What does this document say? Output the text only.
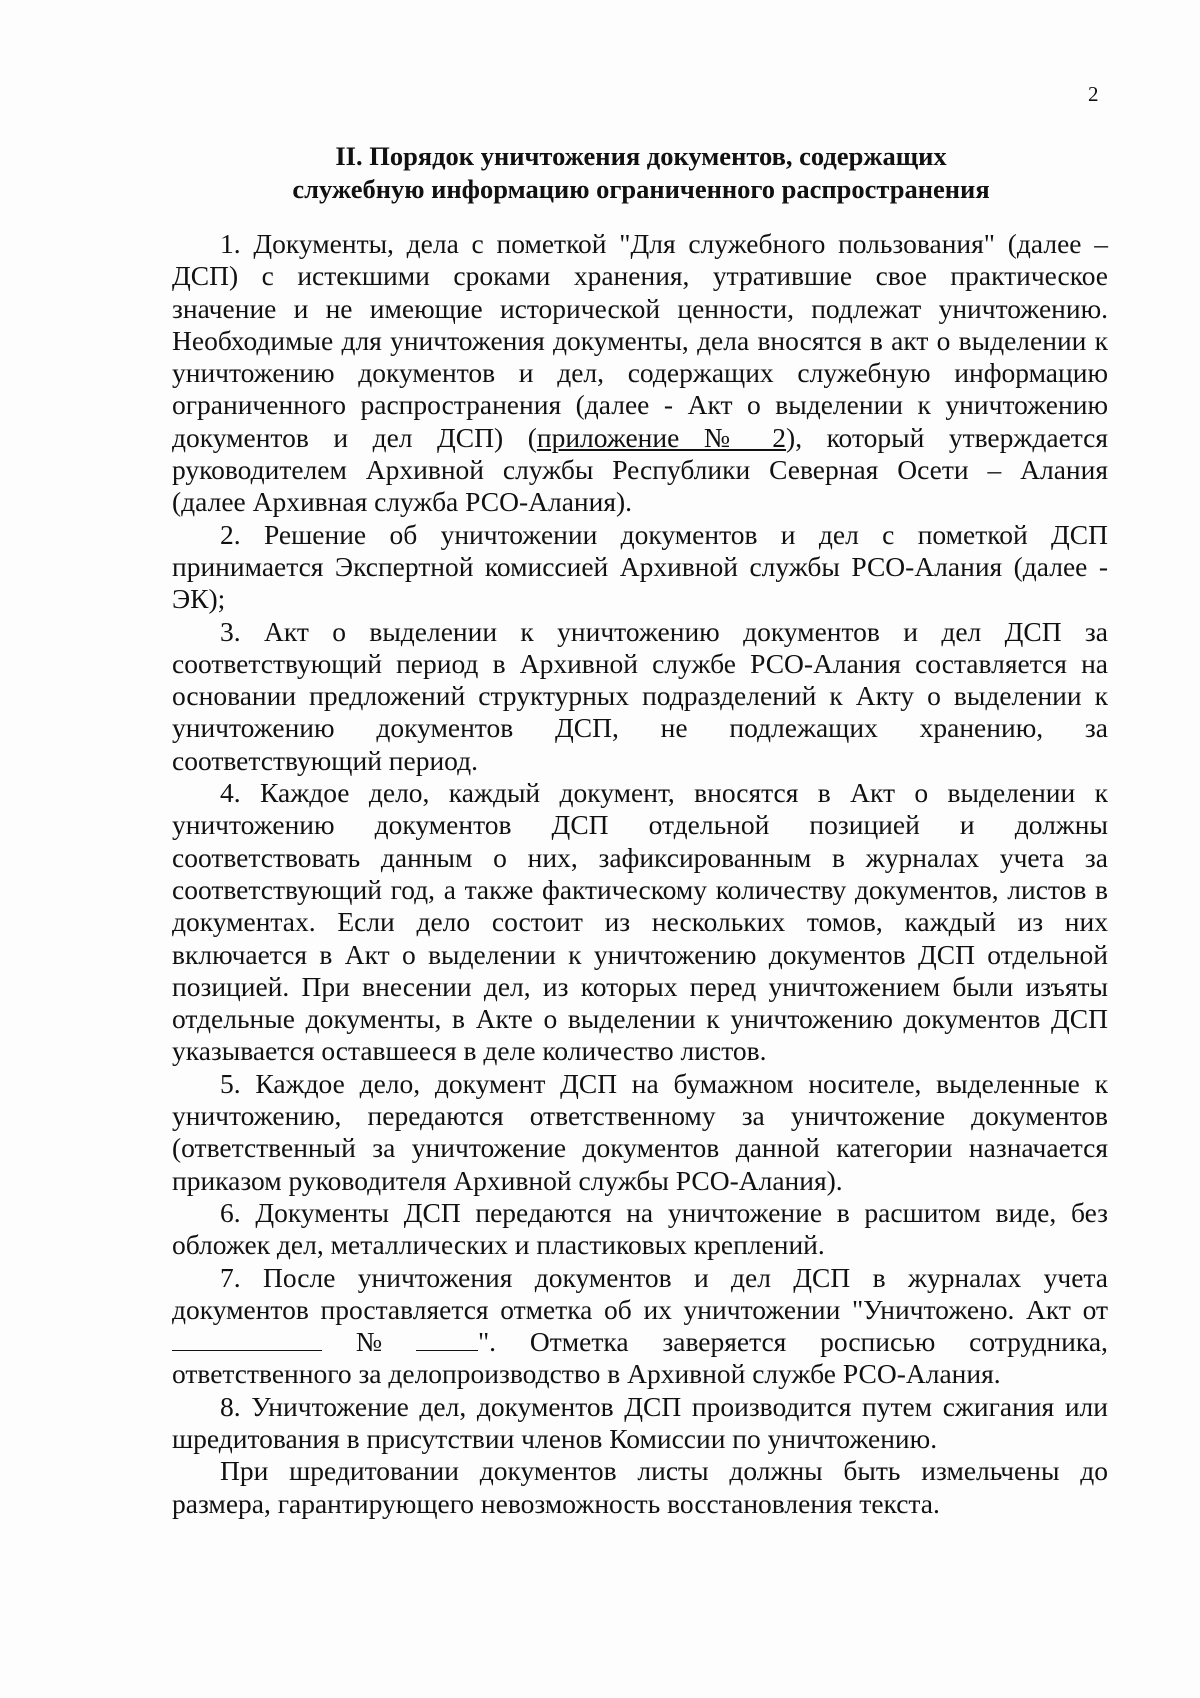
2
II. Порядок уничтожения документов, содержащих
служебную информацию ограниченного распространения
1. Документы, дела с пометкой "Для служебного пользования" (далее –
ДСП) с истекшими сроками хранения, утратившие свое практическое
значение и не имеющие исторической ценности, подлежат уничтожению.
Необходимые для уничтожения документы, дела вносятся в акт о выделении к
уничтожению документов и дел, содержащих служебную информацию
ограниченного распространения (далее - Акт о выделении к уничтожению
документов и дел ДСП) (приложение № 2), который утверждается
руководителем Архивной службы Республики Северная Осети – Алания
(далее Архивная служба РСО-Алания).
2. Решение об уничтожении документов и дел с пометкой ДСП
принимается Экспертной комиссией Архивной службы РСО-Алания (далее -
ЭК);
3. Акт о выделении к уничтожению документов и дел ДСП за
соответствующий период в Архивной службе РСО-Алания составляется на
основании предложений структурных подразделений к Акту о выделении к
уничтожению документов ДСП, не подлежащих хранению, за
соответствующий период.
4. Каждое дело, каждый документ, вносятся в Акт о выделении к
уничтожению документов ДСП отдельной позицией и должны
соответствовать данным о них, зафиксированным в журналах учета за
соответствующий год, а также фактическому количеству документов, листов в
документах. Если дело состоит из нескольких томов, каждый из них
включается в Акт о выделении к уничтожению документов ДСП отдельной
позицией. При внесении дел, из которых перед уничтожением были изъяты
отдельные документы, в Акте о выделении к уничтожению документов ДСП
указывается оставшееся в деле количество листов.
5. Каждое дело, документ ДСП на бумажном носителе, выделенные к
уничтожению, передаются ответственному за уничтожение документов
(ответственный за уничтожение документов данной категории назначается
приказом руководителя Архивной службы РСО-Алания).
6. Документы ДСП передаются на уничтожение в расшитом виде, без
обложек дел, металлических и пластиковых креплений.
7. После уничтожения документов и дел ДСП в журналах учета
документов проставляется отметка об их уничтожении "Уничтожено. Акт от
№	". Отметка заверяется росписью сотрудника,
ответственного за делопроизводство в Архивной службе РСО-Алания.
8. Уничтожение дел, документов ДСП производится путем сжигания или
шредитования в присутствии членов Комиссии по уничтожению.
При шредитовании документов листы должны быть измельчены до
размера, гарантирующего невозможность восстановления текста.
